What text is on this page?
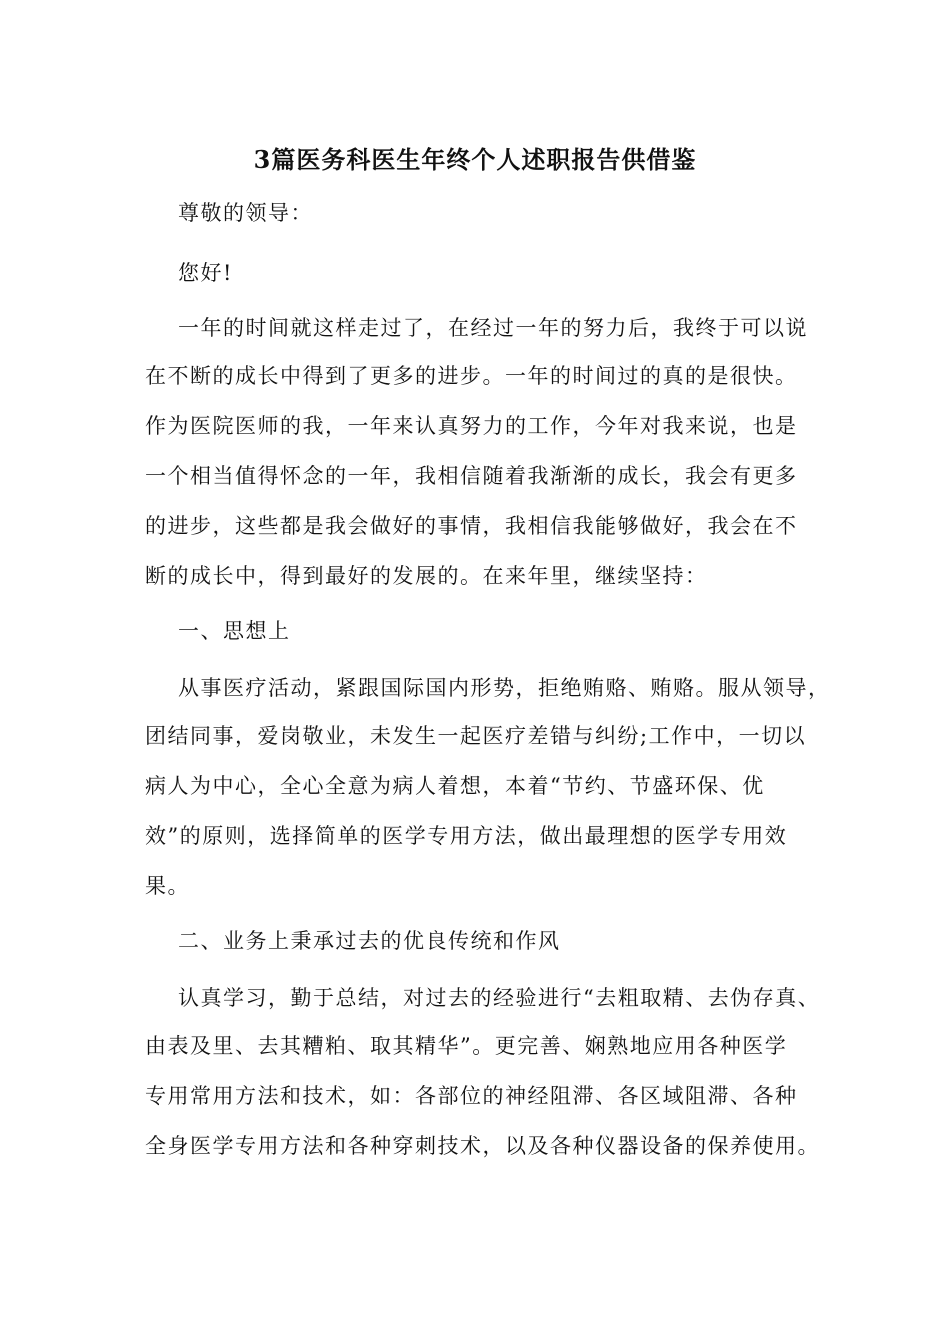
3篇医务科医生年终个人述职报告供借鉴
尊敬的领导：
您好!
一年的时间就这样走过了，在经过一年的努力后，我终于可以说
在不断的成长中得到了更多的进步。一年的时间过的真的是很快。
作为医院医师的我，一年来认真努力的工作，今年对我来说，也是
一个相当值得怀念的一年，我相信随着我渐渐的成长，我会有更多
的进步，这些都是我会做好的事情，我相信我能够做好，我会在不
断的成长中，得到最好的发展的。在来年里，继续坚持：
一、思想上
从事医疗活动，紧跟国际国内形势，拒绝贿赂、贿赂。服从领导，
团结同事，爱岗敬业，未发生一起医疗差错与纠纷;工作中，一切以
病人为中心，全心全意为病人着想，本着“节约、节盛环保、优
效”的原则，选择简单的医学专用方法，做出最理想的医学专用效
果。
二、业务上秉承过去的优良传统和作风
认真学习，勤于总结，对过去的经验进行“去粗取精、去伪存真、
由表及里、去其糟粕、取其精华”。更完善、娴熟地应用各种医学
专用常用方法和技术，如：各部位的神经阻滞、各区域阻滞、各种
全身医学专用方法和各种穿刺技术，以及各种仪器设备的保养使用。
